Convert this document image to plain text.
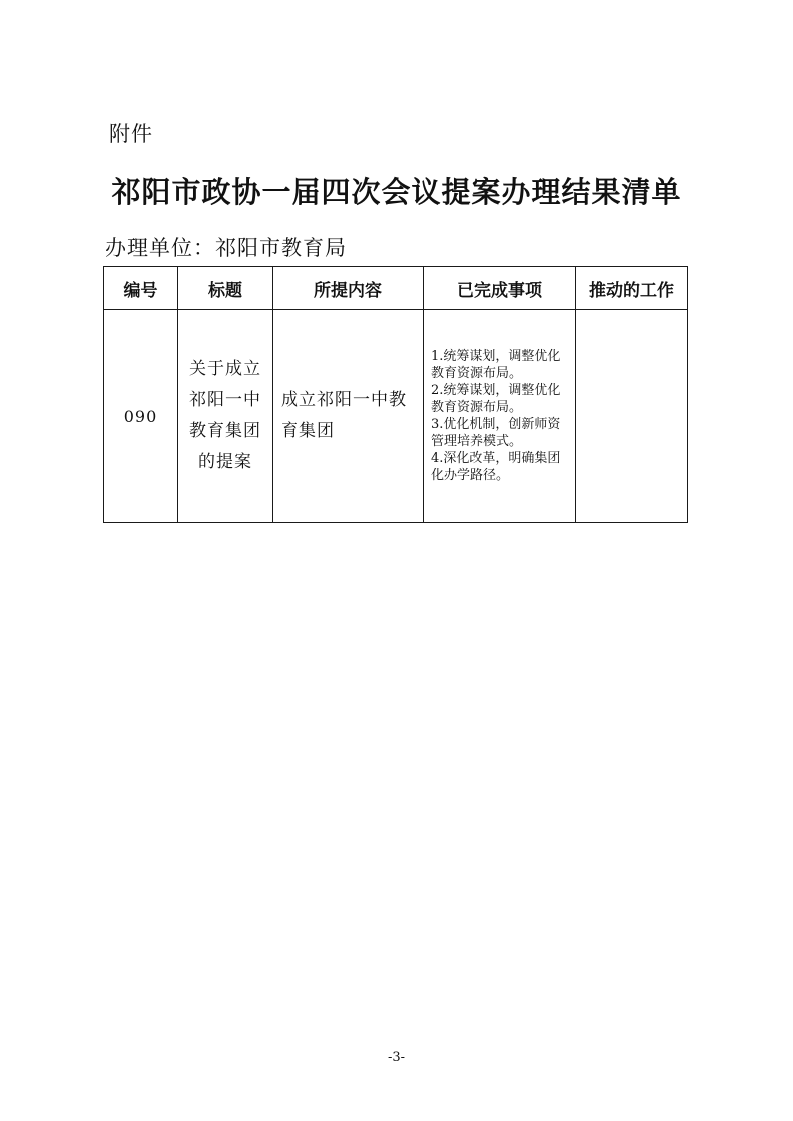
附件
祁阳市政协一届四次会议提案办理结果清单
办理单位：祁阳市教育局
编号	标题	所提内容	已完成事项	推动的工作
090	关于成立祁阳一中教育集团的提案	成立祁阳一中教育集团	1.统筹谋划，调整优化教育资源布局。
2.统筹谋划，调整优化教育资源布局。
3.优化机制，创新师资管理培养模式。
4.深化改革，明确集团化办学路径。	

-3-
